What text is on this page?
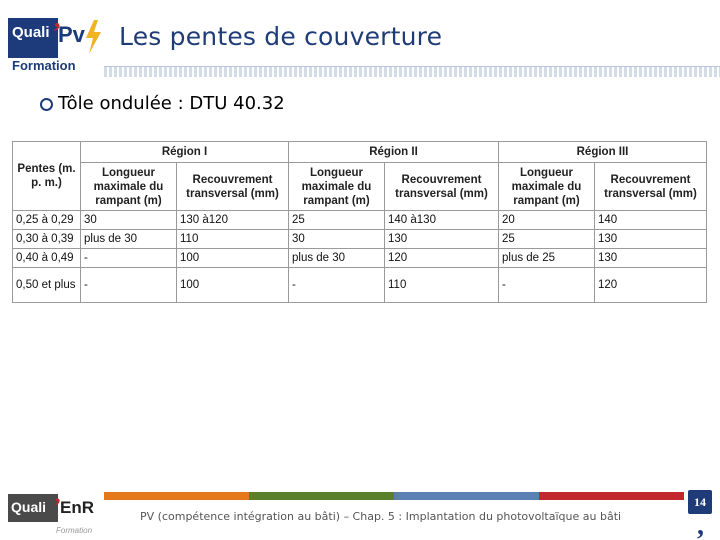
,
Quali Pv
2011
Formation
Les pentes de couverture
Tôle ondulée : DTU 40.32
Pentes (m. p. m.)	Région I		Région II		Région III	
	Longueur maximale du rampant (m)	Recouvrement transversal (mm)	Longueur maximale du rampant (m)	Recouvrement transversal (mm)	Longueur maximale du rampant (m)	Recouvrement transversal (mm)
0,25 à 0,29	30	130 à120	25	140 à130	20	140
0,30 à 0,39	plus de 30	110	30	130	25	130
0,40 à 0,49	-	100	plus de 30	120	plus de 25	130
0,50 et plus	-	100	-	110	-	120
,
Quali EnR
Formation
PV (compétence intégration au bâti) – Chap. 5 : Implantation du photovoltaïque au bâti
14
,
